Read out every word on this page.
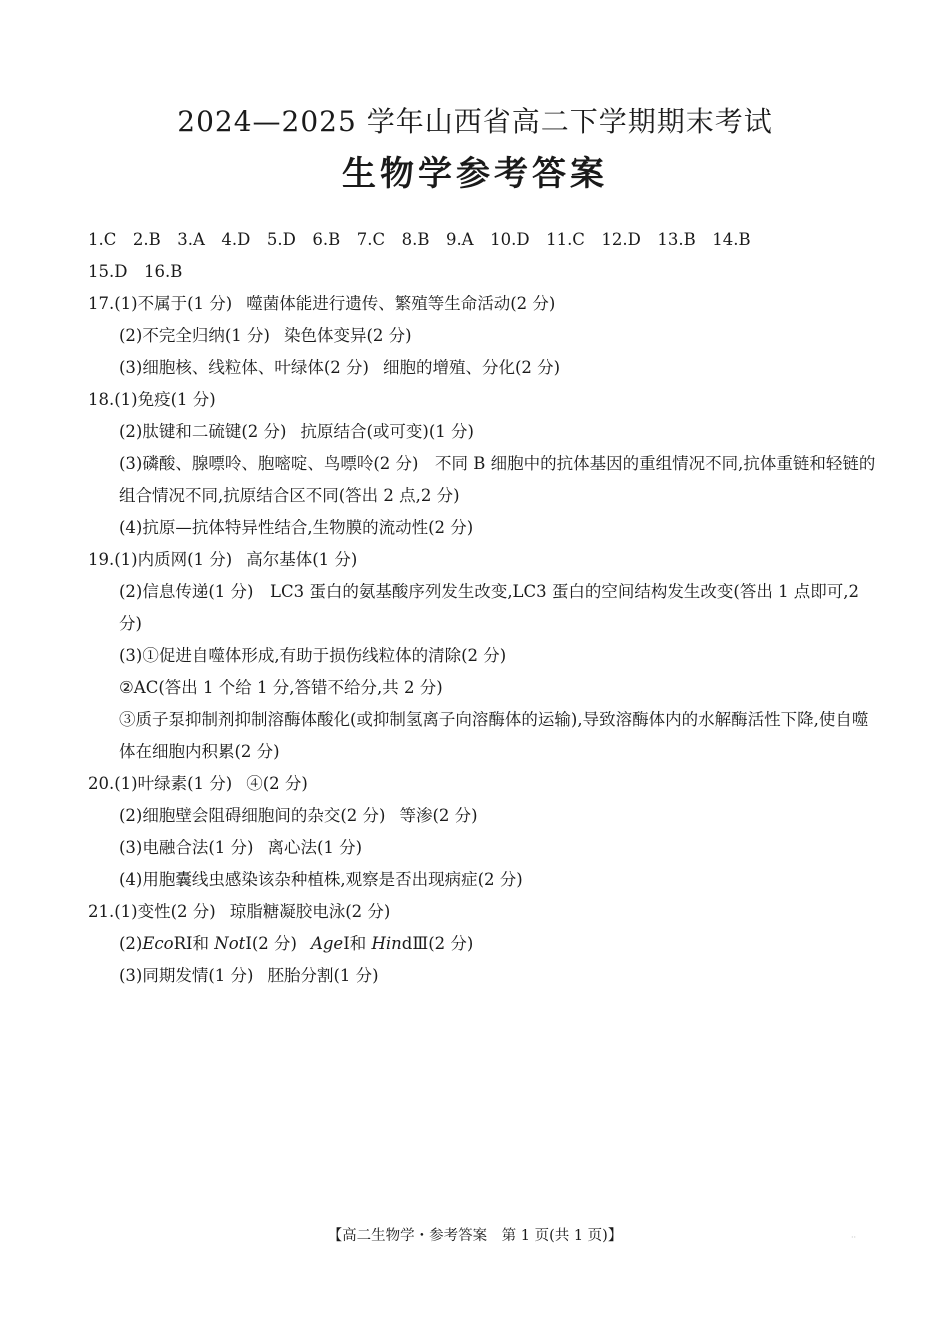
2024—2025 学年山西省高二下学期期末考试
生物学参考答案
1.C　2.B　3.A　4.D　5.D　6.B　7.C　8.B　9.A　10.D　11.C　12.D　13.B　14.B
15.D　16.B
17.(1)不属于(1 分) 噬菌体能进行遗传、繁殖等生命活动(2 分)
(2)不完全归纳(1 分) 染色体变异(2 分)
(3)细胞核、线粒体、叶绿体(2 分) 细胞的增殖、分化(2 分)
18.(1)免疫(1 分)
(2)肽键和二硫键(2 分) 抗原结合(或可变)(1 分)
(3)磷酸、腺嘌呤、胞嘧啶、鸟嘌呤(2 分)　不同 B 细胞中的抗体基因的重组情况不同,抗体重链和轻链的组合情况不同,抗原结合区不同(答出 2 点,2 分)
(4)抗原—抗体特异性结合,生物膜的流动性(2 分)
19.(1)内质网(1 分) 高尔基体(1 分)
(2)信息传递(1 分)　LC3 蛋白的氨基酸序列发生改变,LC3 蛋白的空间结构发生改变(答出 1 点即可,2 分)
(3)①促进自噬体形成,有助于损伤线粒体的清除(2 分)
②AC(答出 1 个给 1 分,答错不给分,共 2 分)
③质子泵抑制剂抑制溶酶体酸化(或抑制氢离子向溶酶体的运输),导致溶酶体内的水解酶活性下降,使自噬体在细胞内积累(2 分)
20.(1)叶绿素(1 分) ④(2 分)
(2)细胞壁会阻碍细胞间的杂交(2 分) 等渗(2 分)
(3)电融合法(1 分) 离心法(1 分)
(4)用胞囊线虫感染该杂种植株,观察是否出现病症(2 分)
21.(1)变性(2 分) 琼脂糖凝胶电泳(2 分)
(2)EcoRⅠ和 NotⅠ(2 分) AgeⅠ和 HindⅢ(2 分)
(3)同期发情(1 分) 胚胎分割(1 分)
【高二生物学・参考答案　第 1 页(共 1 页)】	··
